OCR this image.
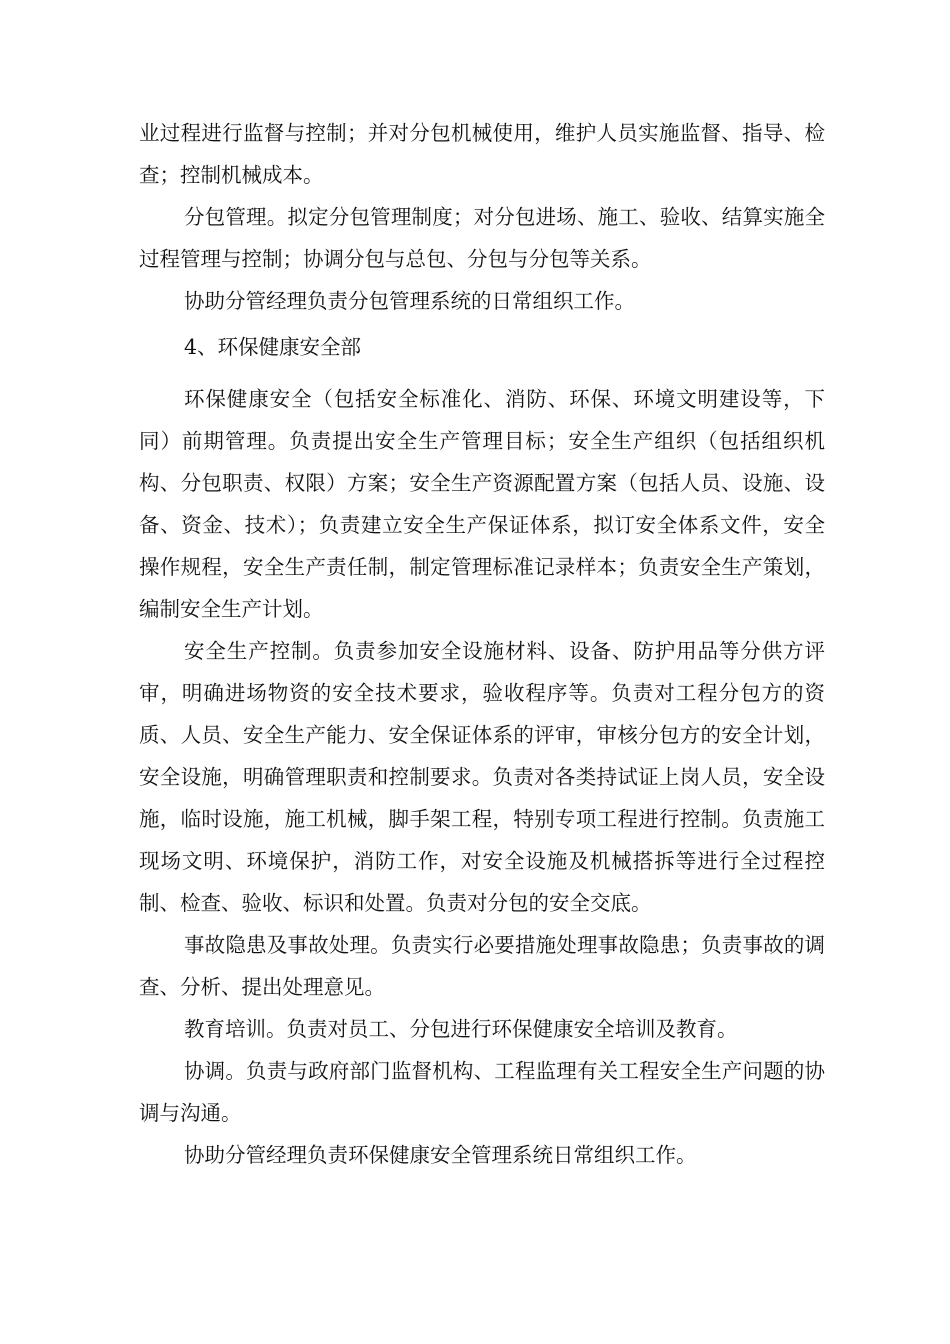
业过程进行监督与控制；并对分包机械使用，维护人员实施监督、指导、检查；控制机械成本。

分包管理。拟定分包管理制度；对分包进场、施工、验收、结算实施全过程管理与控制；协调分包与总包、分包与分包等关系。

协助分管经理负责分包管理系统的日常组织工作。

4、环保健康安全部

环保健康安全（包括安全标准化、消防、环保、环境文明建设等，下同）前期管理。负责提出安全生产管理目标；安全生产组织（包括组织机构、分包职责、权限）方案；安全生产资源配置方案（包括人员、设施、设备、资金、技术）；负责建立安全生产保证体系，拟订安全体系文件，安全操作规程，安全生产责任制，制定管理标准记录样本；负责安全生产策划，编制安全生产计划。

安全生产控制。负责参加安全设施材料、设备、防护用品等分供方评审，明确进场物资的安全技术要求，验收程序等。负责对工程分包方的资质、人员、安全生产能力、安全保证体系的评审，审核分包方的安全计划，安全设施，明确管理职责和控制要求。负责对各类持试证上岗人员，安全设施，临时设施，施工机械，脚手架工程，特别专项工程进行控制。负责施工现场文明、环境保护，消防工作，对安全设施及机械搭拆等进行全过程控制、检查、验收、标识和处置。负责对分包的安全交底。

事故隐患及事故处理。负责实行必要措施处理事故隐患；负责事故的调查、分析、提出处理意见。

教育培训。负责对员工、分包进行环保健康安全培训及教育。

协调。负责与政府部门监督机构、工程监理有关工程安全生产问题的协调与沟通。

协助分管经理负责环保健康安全管理系统日常组织工作。
